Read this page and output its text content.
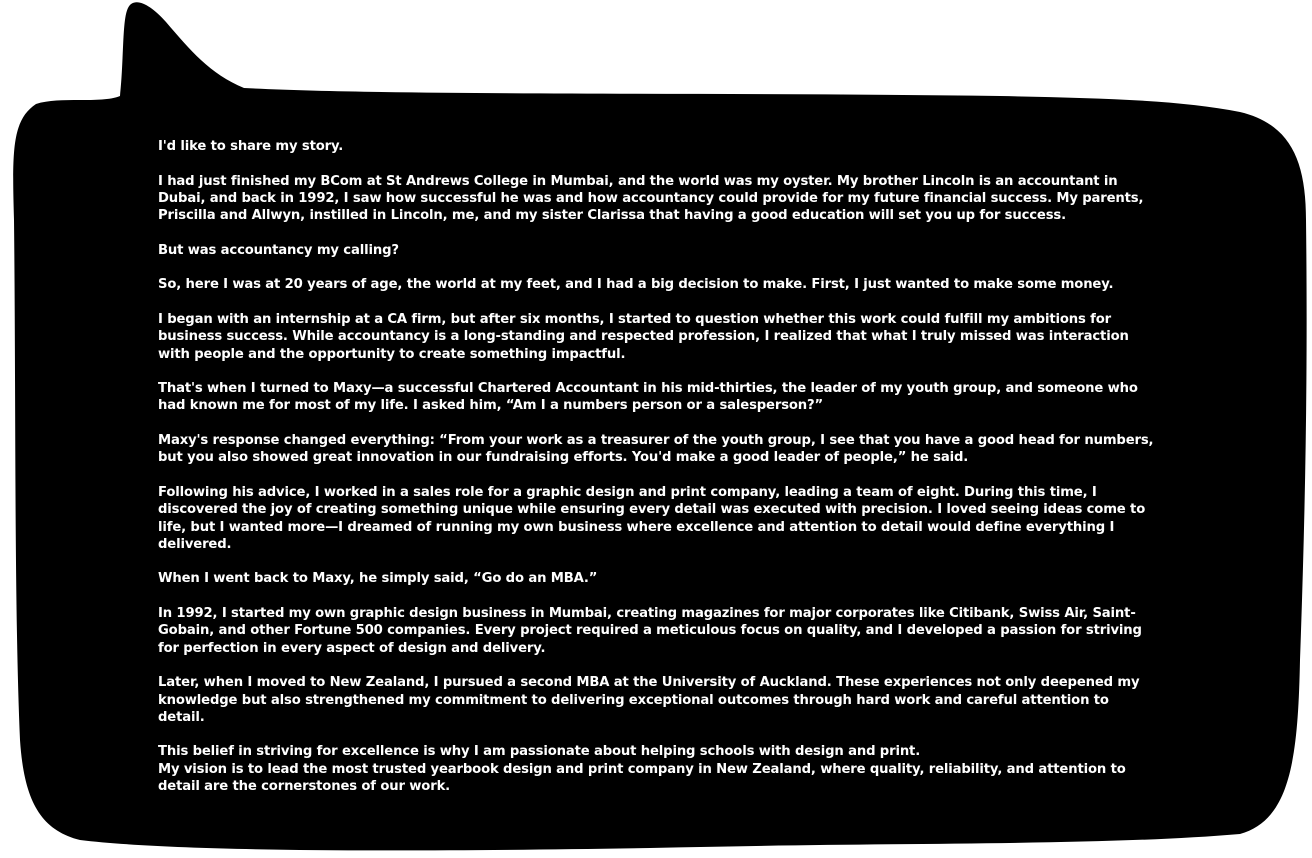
I'd like to share my story.

I had just finished my BCom at St Andrews College in Mumbai, and the world was my oyster. My brother Lincoln is an accountant in Dubai, and back in 1992, I saw how successful he was and how accountancy could provide for my future financial success. My parents, Priscilla and Allwyn, instilled in Lincoln, me, and my sister Clarissa that having a good education will set you up for success.

But was accountancy my calling?

So, here I was at 20 years of age, the world at my feet, and I had a big decision to make. First, I just wanted to make some money.

I began with an internship at a CA firm, but after six months, I started to question whether this work could fulfill my ambitions for business success. While accountancy is a long-standing and respected profession, I realized that what I truly missed was interaction with people and the opportunity to create something impactful.

That's when I turned to Maxy—a successful Chartered Accountant in his mid-thirties, the leader of my youth group, and someone who had known me for most of my life. I asked him, “Am I a numbers person or a salesperson?”

Maxy's response changed everything: “From your work as a treasurer of the youth group, I see that you have a good head for numbers, but you also showed great innovation in our fundraising efforts. You'd make a good leader of people,” he said.

Following his advice, I worked in a sales role for a graphic design and print company, leading a team of eight. During this time, I discovered the joy of creating something unique while ensuring every detail was executed with precision. I loved seeing ideas come to life, but I wanted more—I dreamed of running my own business where excellence and attention to detail would define everything I delivered.

When I went back to Maxy, he simply said, “Go do an MBA.”

In 1992, I started my own graphic design business in Mumbai, creating magazines for major corporates like Citibank, Swiss Air, Saint-Gobain, and other Fortune 500 companies. Every project required a meticulous focus on quality, and I developed a passion for striving for perfection in every aspect of design and delivery.

Later, when I moved to New Zealand, I pursued a second MBA at the University of Auckland. These experiences not only deepened my knowledge but also strengthened my commitment to delivering exceptional outcomes through hard work and careful attention to detail.

This belief in striving for excellence is why I am passionate about helping schools with design and print.

My vision is to lead the most trusted yearbook design and print company in New Zealand, where quality, reliability, and attention to detail are the cornerstones of our work.
